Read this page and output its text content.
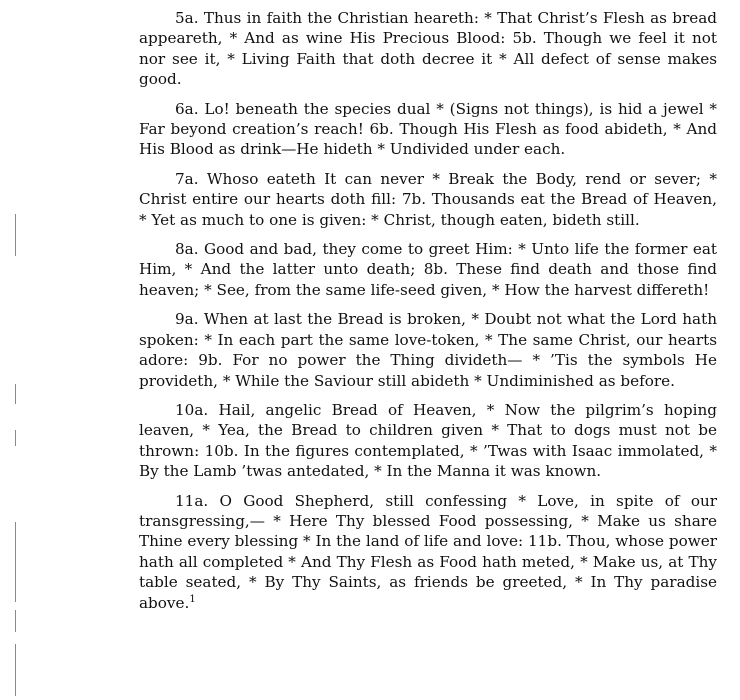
5a. Thus in faith the Christian heareth: * That Christ’s Flesh as bread appeareth, * And as wine His Precious Blood: 5b. Though we feel it not nor see it, * Living Faith that doth decree it * All defect of sense makes good.

6a. Lo! beneath the species dual * (Signs not things), is hid a jewel * Far beyond creation’s reach! 6b. Though His Flesh as food abideth, * And His Blood as drink—He hideth * Undivided under each.

7a. Whoso eateth It can never * Break the Body, rend or sever; * Christ entire our hearts doth fill: 7b. Thousands eat the Bread of Heaven, * Yet as much to one is given: * Christ, though eaten, bideth still.

8a. Good and bad, they come to greet Him: * Unto life the former eat Him, * And the latter unto death; 8b. These find death and those find heaven; * See, from the same life-seed given, * How the harvest differeth!

9a. When at last the Bread is broken, * Doubt not what the Lord hath spoken: * In each part the same love-token, * The same Christ, our hearts adore: 9b. For no power the Thing divideth— * ’Tis the symbols He provideth, * While the Saviour still abideth * Undiminished as before.

10a. Hail, angelic Bread of Heaven, * Now the pilgrim’s hoping leaven, * Yea, the Bread to children given * That to dogs must not be thrown: 10b. In the figures contemplated, * ’Twas with Isaac immolated, * By the Lamb ’twas antedated, * In the Manna it was known.

11a. O Good Shepherd, still confessing * Love, in spite of our transgressing,— * Here Thy blessed Food possessing, * Make us share Thine every blessing * In the land of life and love: 11b. Thou, whose power hath all completed * And Thy Flesh as Food hath meted, * Make us, at Thy table seated, * By Thy Saints, as friends be greeted, * In Thy paradise above.$^1$
